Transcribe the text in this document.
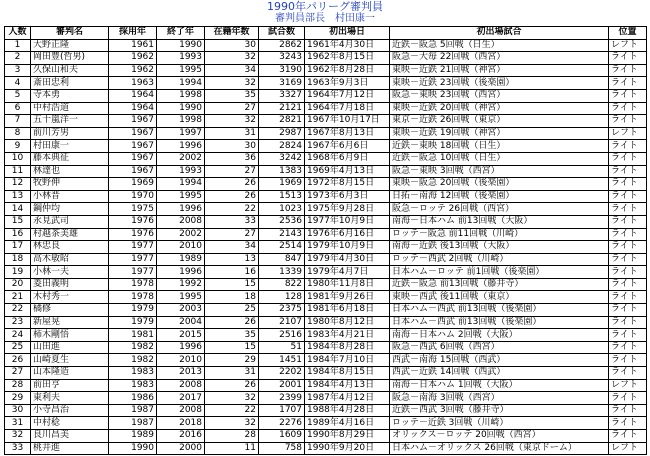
1990年パリーグ審判員
審判員部長　村田康一
人数	審判名	採用年	終了年	在籍年数	試合数	初出場日	初出場試合	位置
1	大野正隆	1961	1990	30	2862	1961年4月30日	近鉄－阪急 5回戦（日生）	レフト
2	岡田豊(哲男)	1962	1993	32	3243	1962年8月15日	阪急－大毎 22回戦（西宮）	ライト
3	久保山和夫	1962	1995	34	3190	1962年8月28日	東映－近鉄 21回戦（神宮）	ライト
4	斎田忠利	1963	1994	32	3169	1963年9月3日	東映－近鉄 23回戦（後楽園）	ライト
5	寺本勇	1964	1998	35	3327	1964年7月12日	阪急－東映 23回戦（西宮）	ライト
6	中村浩道	1964	1990	27	2121	1964年7月18日	東映－近鉄 20回戦（神宮）	ライト
7	五十嵐洋一	1967	1998	32	2821	1967年10月17日	東京－近鉄 26回戦（東京）	ライト
8	前川芳男	1967	1997	31	2987	1967年8月13日	東映－近鉄 19回戦（神宮）	レフト
9	村田康一	1967	1996	30	2824	1967年6月6日	近鉄－東映 18回戦（日生）	ライト
10	藤本典征	1967	2002	36	3242	1968年6月9日	近鉄－阪急 10回戦（日生）	ライト
11	林達也	1967	1993	27	1383	1969年4月13日	阪急－東映 3回戦（西宮）	ライト
12	牧野伸	1969	1994	26	1969	1972年8月15日	東映－阪急 20回戦（後楽園）	ライト
13	小林晋	1970	1995	26	1513	1973年6月3日	日拓－南海 12回戦（後楽園）	ライト
14	鋼仲均	1975	1996	22	1023	1975年9月28日	阪急－ロッテ 26回戦（西宮）	ライト
15	永見武司	1976	2008	33	2536	1977年10月9日	南海－日本ハム 前13回戦（大阪）	ライト
16	村越茶美雄	1976	2002	27	2143	1976年6月16日	ロッテ－阪急 前11回戦（川崎）	ライト
17	林忠良	1977	2010	34	2514	1979年10月9日	南海－近鉄 後13回戦（大阪）	ライト
18	高木敏昭	1977	1989	13	847	1979年4月30日	ロッテ－西武 2回戦（川崎）	ライト
19	小林一夫	1977	1996	16	1339	1979年4月7日	日本ハム－ロッテ 前1回戦（後楽園）	ライト
20	菱田義明	1978	1992	15	822	1980年11月8日	近鉄－阪急 前13回戦（藤井寺）	ライト
21	木村秀一	1978	1995	18	128	1981年9月26日	東映－西武 後11回戦（東京）	ライト
22	橘修	1979	2003	25	2375	1981年6月18日	日本ハム－西武 前13回戦（後楽園）	ライト
23	新屋晃	1979	2004	26	2107	1980年8月12日	日本ハム－西武 前13回戦（後楽園）	ライト
24	柿木剛悟	1981	2015	35	2516	1983年4月21日	南海－日本ハム 2回戦（大阪）	ライト
25	山田進	1982	1996	15	51	1984年8月28日	阪急－西武 6回戦（西宮）	ライト
26	山崎夏生	1982	2010	29	1451	1984年7月10日	西武－南海 15回戦（西武）	ライト
27	山本隆造	1983	2013	31	2202	1984年8月15日	西武－近鉄 14回戦（西武）	ライト
28	前田亨	1983	2008	26	2001	1984年4月13日	南海－日本ハム 1回戦（大阪）	レフト
29	東利夫	1986	2017	32	2399	1987年4月12日	阪急－南海 3回戦（西宮）	ライト
30	小寺昌治	1987	2008	22	1707	1988年4月28日	近鉄－西武 3回戦（藤井寺）	ライト
31	中村稔	1987	2018	32	2276	1989年4月16日	ロッテ－近鉄 3回戦（川崎）	ライト
32	良川昌美	1989	2016	28	1609	1990年8月29日	オリックス－ロッテ 20回戦（西宮）	ライト
33	桃井進	1990	2000	11	758	1990年9月20日	日本ハム－オリックス 26回戦（東京ドーム）	レフト
